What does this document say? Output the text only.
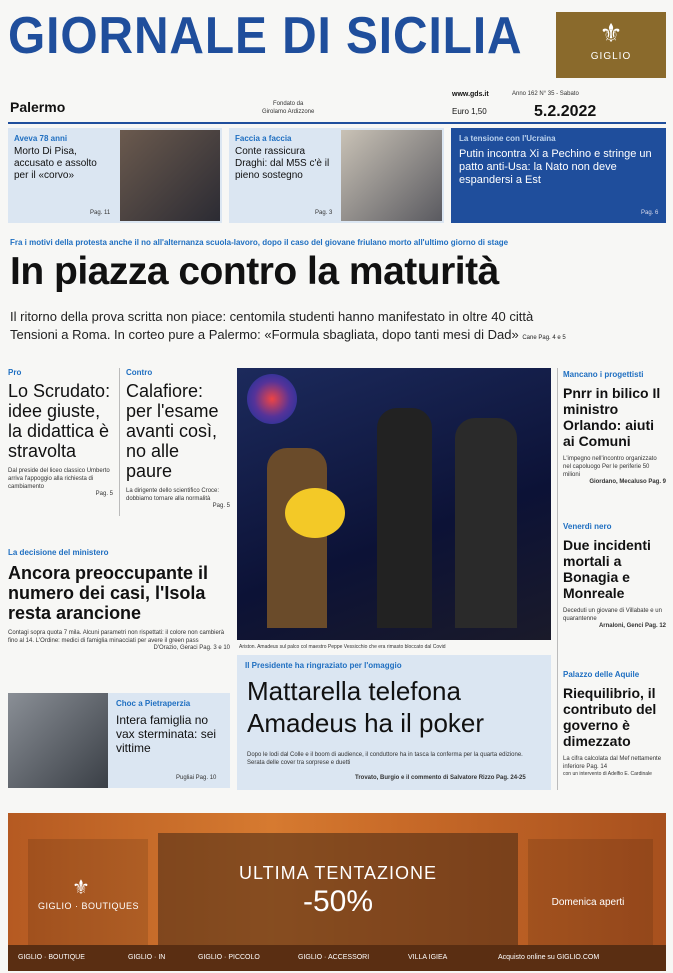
GIORNALE DI SICILIA	⚜
GIGLIO
Palermo	Fondato da
Girolamo Ardizzone
www.gds.it
Euro 1,50
Anno 162 N° 35 - Sabato
5.2.2022
Aveva 78 anni
Morto Di Pisa, accusato e assolto per il «corvo»
Pag. 11
Faccia a faccia
Conte rassicura Draghi: dal M5S c'è il pieno sostegno
Pag. 3
La tensione con l'Ucraina
Putin incontra Xi a Pechino e stringe un patto anti-Usa: la Nato non deve espandersi a Est
Pag. 6
Fra i motivi della protesta anche il no all'alternanza scuola-lavoro, dopo il caso del giovane friulano morto all'ultimo giorno di stage
In piazza contro la maturità
Il ritorno della prova scritta non piace: centomila studenti hanno manifestato in oltre 40 città
Tensioni a Roma. In corteo pure a Palermo: «Formula sbagliata, dopo tanti mesi di Dad» Cane Pag. 4 e 5
Pro
Lo Scrudato: idee giuste, la didattica è stravolta
Dal preside del liceo classico Umberto arriva l'appoggio alla richiesta di cambiamento
Pag. 5
Contro
Calafiore: per l'esame avanti così, no alle paure
La dirigente dello scientifico Croce: dobbiamo tornare alla normalità
Pag. 5
La decisione del ministero
Ancora preoccupante il numero dei casi, l'Isola resta arancione
Contagi sopra quota 7 mila. Alcuni parametri non rispettati: il colore non cambierà fino al 14. L'Ordine: medici di famiglia minacciati per avere il green pass
D'Orazio, Geraci Pag. 3 e 10
Choc a Pietraperzia
Intera famiglia no vax sterminata: sei vittime
Pugliai Pag. 10
Ariston. Amadeus sul palco col maestro Peppe Vessicchio che era rimasto bloccato dal Covid
Il Presidente ha ringraziato per l'omaggio
Mattarella telefona
Amadeus ha il poker
Dopo le lodi dal Colle e il boom di audience, il conduttore ha in tasca la conferma per la quarta edizione. Serata delle cover tra sorprese e duetti
Trovato, Burgio e il commento di Salvatore Rizzo Pag. 24-25
Mancano i progettisti
Pnrr in bilico Il ministro Orlando: aiuti ai Comuni
L'impegno nell'incontro organizzato nel capoluogo Per le periferie 50 milioni
Giordano, Mecaluso Pag. 9
Venerdì nero
Due incidenti mortali a Bonagia e Monreale
Deceduti un giovane di Villabate e un quarantenne
Arnaloni, Genci Pag. 12
Palazzo delle Aquile
Riequilibrio, il contributo del governo è dimezzato
La cifra calcolata dal Mef nettamente inferiore Pag. 14
con un intervento di Adelfio E. Cardinale
⚜
GIGLIO · BOUTIQUES
ULTIMA TENTAZIONE
-50%	Domenica aperti
GIGLIO · BOUTIQUE	GIGLIO · IN	GIGLIO · PICCOLO	GIGLIO · ACCESSORI	VILLA IGIEA	Acquisto online su GIGLIO.COM
